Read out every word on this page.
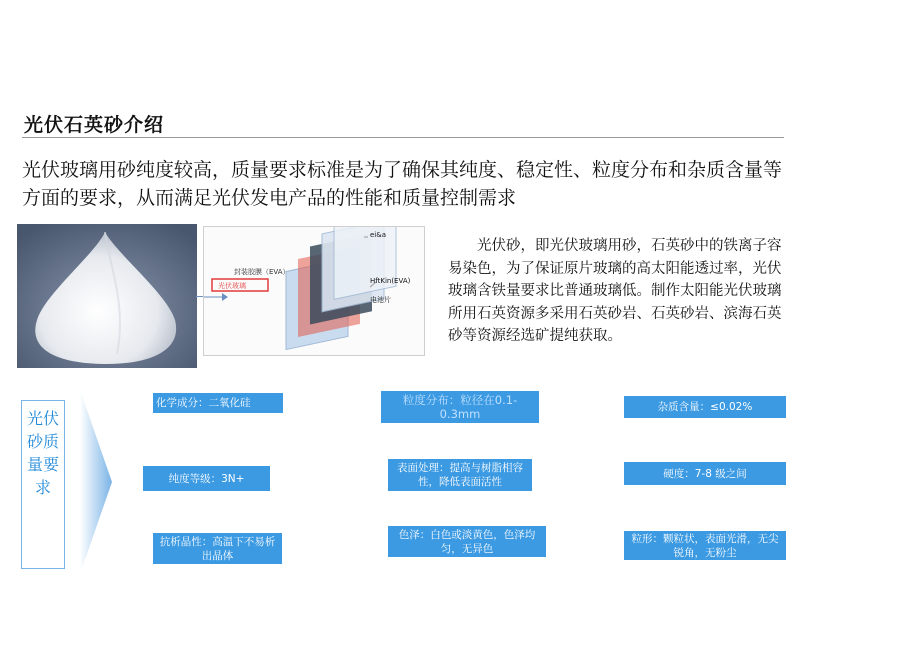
光伏石英砂介绍
光伏玻璃用砂纯度较高，质量要求标准是为了确保其纯度、稳定性、粒度分布和杂质含量等方面的要求，从而满足光伏发电产品的性能和质量控制需求
ei&a
封装胶膜（EVA）
光伏玻璃
HftKin(EVA)
电池片
光伏砂，即光伏玻璃用砂，石英砂中的铁离子容易染色，为了保证原片玻璃的高太阳能透过率，光伏玻璃含铁量要求比普通玻璃低。制作太阳能光伏玻璃所用石英资源多采用石英砂岩、石英砂岩、滨海石英砂等资源经选矿提纯获取。
光伏
砂质
量要
求
化学成分：二氧化硅	粒度分布：粒径在0.1-0.3mm	杂质含量：≤0.02%
纯度等级：3N+
表面处理：提高与树脂相容性，降低表面活性
硬度：7-8 级之间
抗析晶性：高温下不易析出晶体
色泽：白色或淡黄色，色泽均匀，无异色
粒形：颗粒状，表面光滑，无尖锐角，无粉尘
